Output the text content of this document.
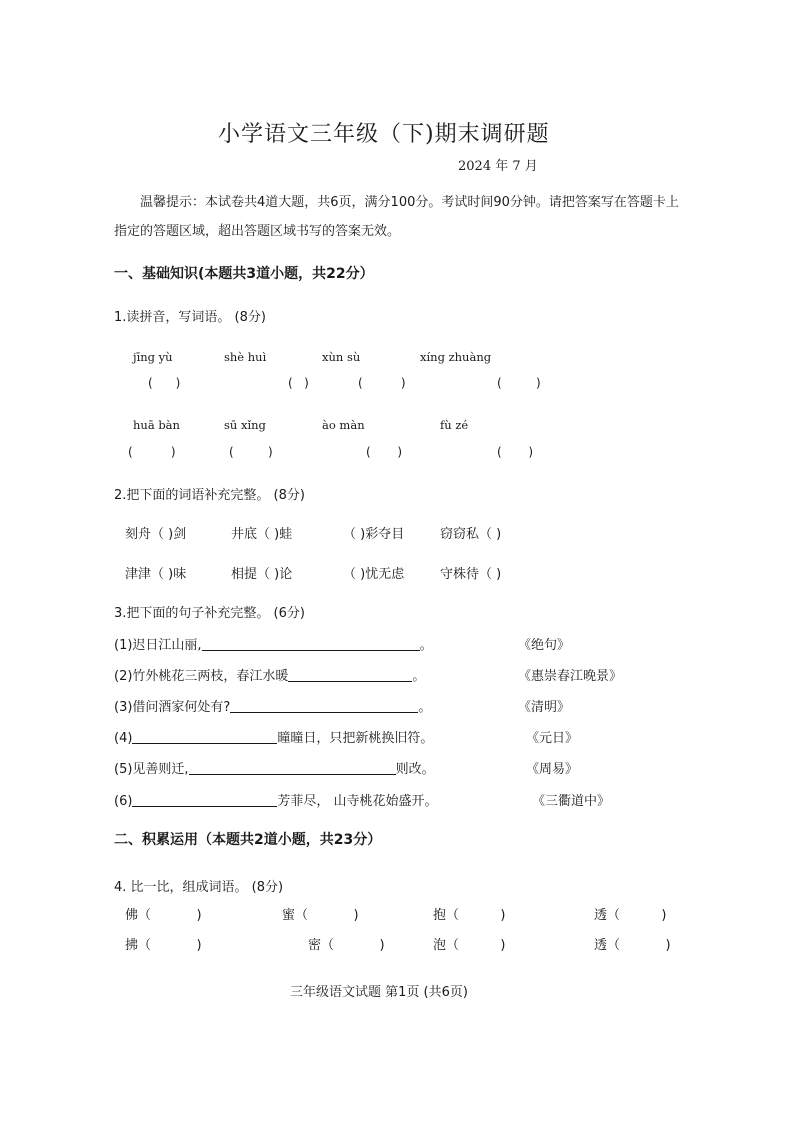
小学语文三年级（下)期末调研题
2024 年 7 月
温馨提示：本试卷共4道大题，共6页，满分100分。考试时间90分钟。请把答案写在答题卡上指定的答题区域，超出答题区域书写的答案无效。
一、基础知识(本题共3道小题，共22分）
1.读拼音，写词语。 (8分)
jīng yù	shè huì	xùn sù	xíng zhuàng
(      )	(   )	(          )	(         )
huā bàn	sū xǐng	ào màn	fù zé
(          )	(         )	(       )	(       )
2.把下面的词语补充完整。 (8分)
刻舟（ )剑	井底（ )蛙	（ )彩夺目	窃窃私（ )
津津（ )味	相提（ )论	（ )忧无虑	守株待（ )
3.把下面的句子补充完整。 (6分)
(1)迟日江山丽,	。	《绝句》
(2)竹外桃花三两枝，春江水暖	。	《惠崇春江晚景》
(3)借问酒家何处有?	。	《清明》
(4)	曈曈日，只把新桃换旧符。	《元日》
(5)见善则迁,	则改。	《周易》
(6)	芳菲尽， 山寺桃花始盛开。	《三衢道中》
二、积累运用（本题共2道小题，共23分）
4. 比一比，组成词语。 (8分)
佛（           )	蜜（           )	抱（          )	透（          )
拂（           )	密（           )	泡（          )	透（           )
三年级语文试题 第1页 (共6页)
